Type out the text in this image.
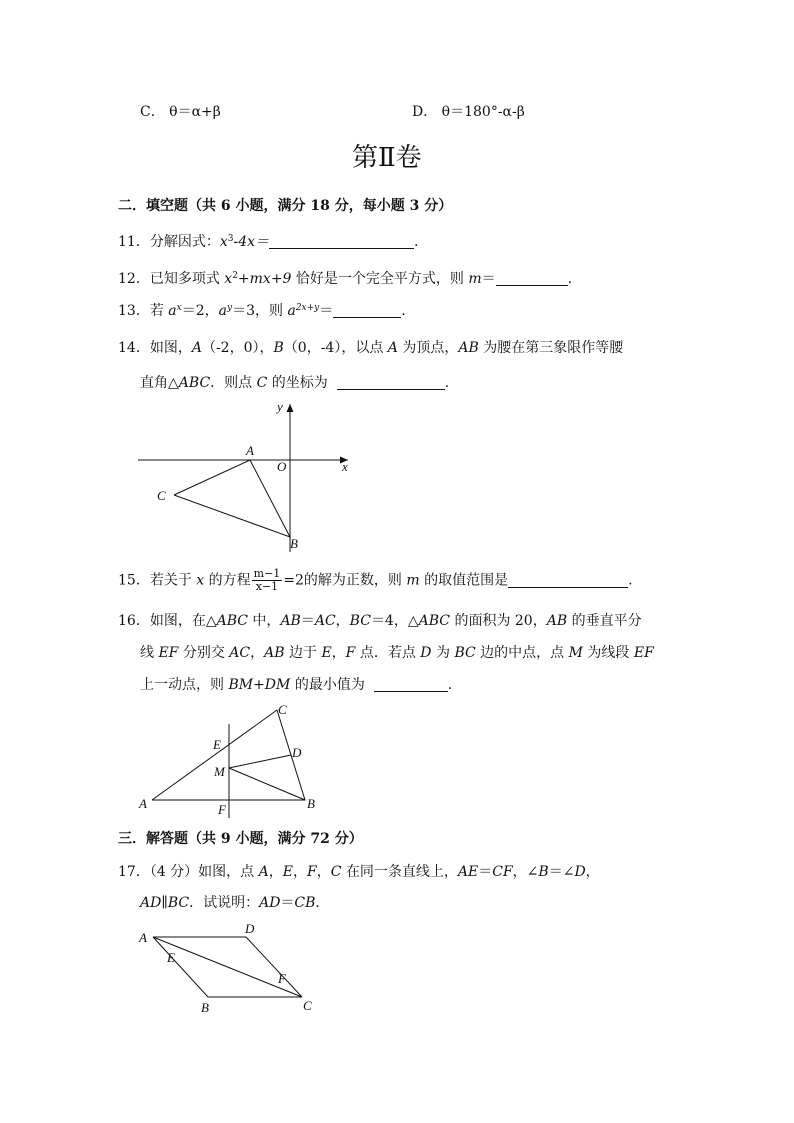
C． θ＝α+β	D． θ＝180°-α-β
第Ⅱ卷
二．填空题（共 6 小题，满分 18 分，每小题 3 分）
11．分解因式：$x^3-4x=$	.
12．已知多项式 $x^2+mx+9$ 恰好是一个完全平方式，则 m＝	.
13．若 $a^x=2$，$a^y=3$，则 $a^{2x+y}=$	.
14．如图，A（-2，0），B（0，-4），以点 A 为顶点，AB 为腰在第三象限作等腰
直角△ABC．则点 C 的坐标为	.
y
x
A
O
C
B
15．若关于 x 的方程 $\frac{m-1}{x-1} =2$的解为正数，则 m 的取值范围是	.
16．如图，在△ABC 中，AB＝AC，BC＝4，△ABC 的面积为 20，AB 的垂直平分
线 EF 分别交 AC，AB 边于 E，F 点．若点 D 为 BC 边的中点，点 M 为线段 EF
上一动点，则 BM+DM 的最小值为	.
C
E
D
M
A	F	B
三．解答题（共 9 小题，满分 72 分）
17．（4 分）如图，点 A，E，F，C 在同一条直线上，AE＝CF，∠B＝∠D，
AD∥BC．试说明：AD＝CB．
A
D
E
F
B	C
